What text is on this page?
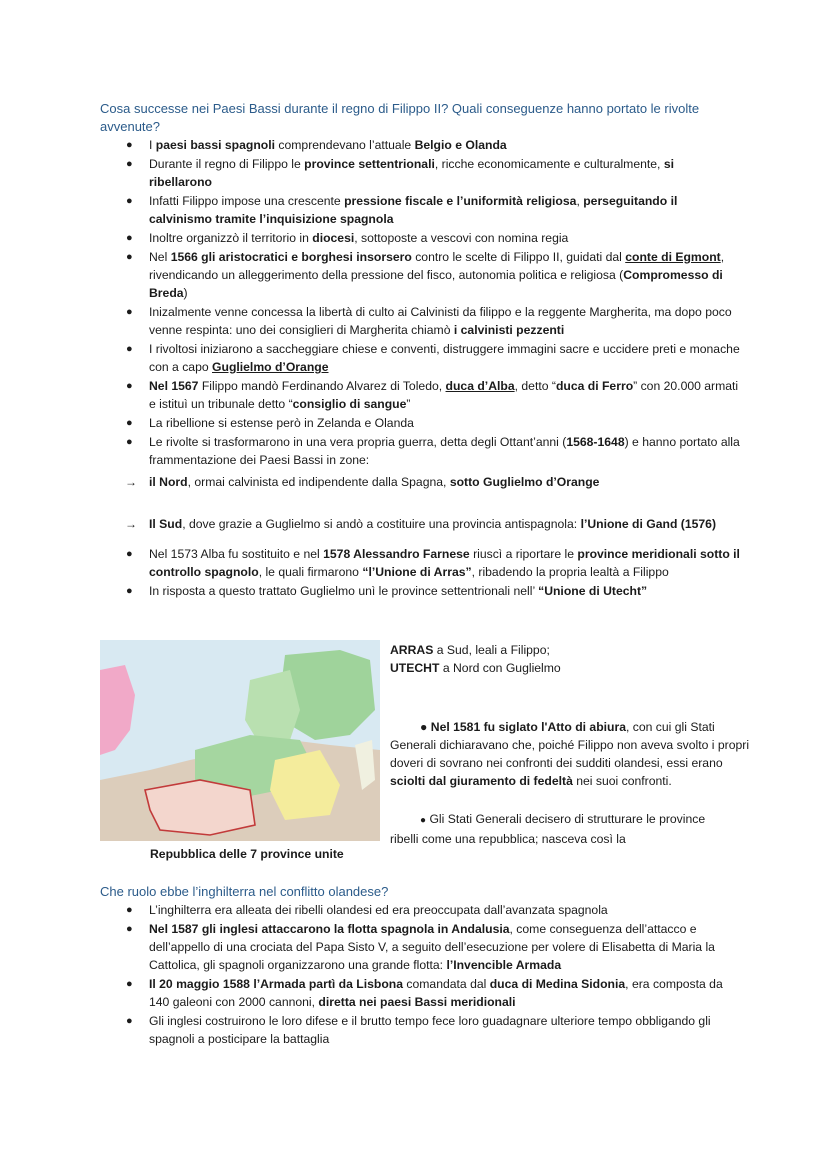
Cosa successe nei Paesi Bassi durante il regno di Filippo II? Quali conseguenze hanno portato le rivolte avvenute?
● I paesi bassi spagnoli comprendevano l’attuale Belgio e Olanda
● Durante il regno di Filippo le province settentrionali, ricche economicamente e culturalmente, si ribellarono
● Infatti Filippo impose una crescente pressione fiscale e l’uniformità religiosa, perseguitando il calvinismo tramite l’inquisizione spagnola
● Inoltre organizzò il territorio in diocesi, sottoposte a vescovi con nomina regia
● Nel 1566 gli aristocratici e borghesi insorsero contro le scelte di Filippo II, guidati dal conte di Egmont, rivendicando un alleggerimento della pressione del fisco, autonomia politica e religiosa (Compromesso di Breda)
● Inizalmente venne concessa la libertà di culto ai Calvinisti da filippo e la reggente Margherita, ma dopo poco venne respinta: uno dei consiglieri di Margherita chiamò i calvinisti pezzenti
● I rivoltosi iniziarono a saccheggiare chiese e conventi, distruggere immagini sacre e uccidere preti e monache con a capo Guglielmo d’Orange
● Nel 1567 Filippo mandò Ferdinando Alvarez di Toledo, duca d’Alba, detto “duca di Ferro” con 20.000 armati e istituì un tribunale detto “consiglio di sangue”
● La ribellione si estense però in Zelanda e Olanda
● Le rivolte si trasformarono in una vera propria guerra, detta degli Ottant’anni (1568-1648) e hanno portato alla frammentazione dei Paesi Bassi in zone:
→ il Nord, ormai calvinista ed indipendente dalla Spagna, sotto Guglielmo d’Orange
→ Il Sud, dove grazie a Guglielmo si andò a costituire una provincia antispagnola: l’Unione di Gand (1576)
● Nel 1573 Alba fu sostituito e nel 1578 Alessandro Farnese riuscì a riportare le province meridionali sotto il controllo spagnolo, le quali firmarono “l’Unione di Arras”, ribadendo la propria lealtà a Filippo
● In risposta a questo trattato Guglielmo unì le province settentrionali nell’ “Unione di Utecht”
ARRAS a Sud, leali a Filippo;
UTECHT a Nord con Guglielmo
● Nel 1581 fu siglato l'Atto di abiura, con cui gli Stati Generali dichiaravano che, poiché Filippo non aveva svolto i propri doveri di sovrano nei confronti dei sudditi olandesi, essi erano sciolti dal giuramento di fedeltà nei suoi confronti.
● Gli Stati Generali decisero di strutturare le province ribelli come una repubblica; nasceva così la
Repubblica delle 7 province unite
Che ruolo ebbe l’inghilterra nel conflitto olandese?
● L’inghilterra era alleata dei ribelli olandesi ed era preoccupata dall’avanzata spagnola
● Nel 1587 gli inglesi attaccarono la flotta spagnola in Andalusia, come conseguenza dell’attacco e dell’appello di una crociata del Papa Sisto V, a seguito dell’esecuzione per volere di Elisabetta di Maria la Cattolica, gli spagnoli organizzarono una grande flotta: l’Invencible Armada
● Il 20 maggio 1588 l’Armada partì da Lisbona comandata dal duca di Medina Sidonia, era composta da 140 galeoni con 2000 cannoni, diretta nei paesi Bassi meridionali
● Gli inglesi costruirono le loro difese e il brutto tempo fece loro guadagnare ulteriore tempo obbligando gli spagnoli a posticipare la battaglia
